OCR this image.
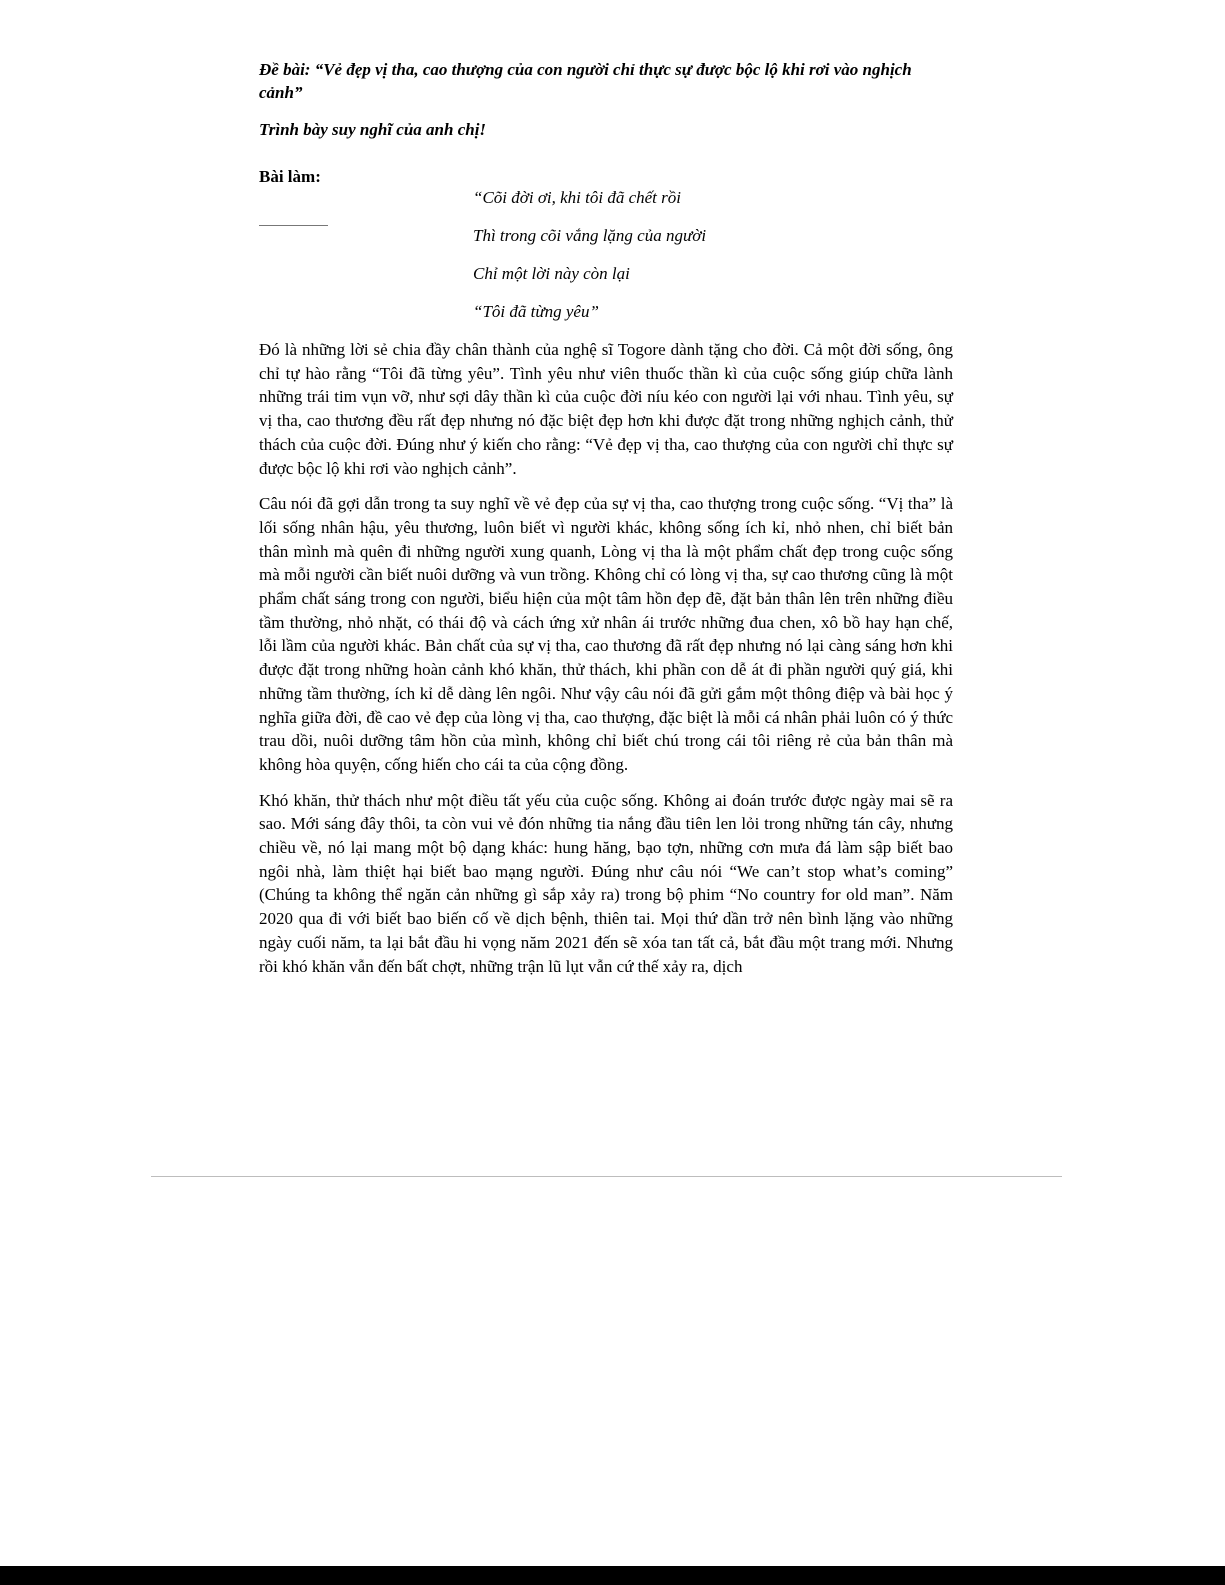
Đề bài: “Vẻ đẹp vị tha, cao thượng của con người chỉ thực sự được bộc lộ khi rơi vào nghịch cảnh”

Trình bày suy nghĩ của anh chị!

Bài làm:

“Cõi đời ơi, khi tôi đã chết rồi
Thì trong cõi vắng lặng của người
Chỉ một lời này còn lại
“Tôi đã từng yêu”

Đó là những lời sẻ chia đầy chân thành của nghệ sĩ Togore dành tặng cho đời. Cả một đời sống, ông chỉ tự hào rằng “Tôi đã từng yêu”. Tình yêu như viên thuốc thần kì của cuộc sống giúp chữa lành những trái tim vụn vỡ, như sợi dây thần kì của cuộc đời níu kéo con người lại với nhau. Tình yêu, sự vị tha, cao thương đều rất đẹp nhưng nó đặc biệt đẹp hơn khi được đặt trong những nghịch cảnh, thử thách của cuộc đời. Đúng như ý kiến cho rằng: “Vẻ đẹp vị tha, cao thượng của con người chỉ thực sự được bộc lộ khi rơi vào nghịch cảnh”.

Câu nói đã gợi dẫn trong ta suy nghĩ về vẻ đẹp của sự vị tha, cao thượng trong cuộc sống. “Vị tha” là lối sống nhân hậu, yêu thương, luôn biết vì người khác, không sống ích kỉ, nhỏ nhen, chỉ biết bản thân mình mà quên đi những người xung quanh, Lòng vị tha là một phẩm chất đẹp trong cuộc sống mà mỗi người cần biết nuôi dưỡng và vun trồng. Không chỉ có lòng vị tha, sự cao thương cũng là một phẩm chất sáng trong con người, biểu hiện của một tâm hồn đẹp đẽ, đặt bản thân lên trên những điều tầm thường, nhỏ nhặt, có thái độ và cách ứng xử nhân ái trước những đua chen, xô bồ hay hạn chế, lỗi lầm của người khác. Bản chất của sự vị tha, cao thương đã rất đẹp nhưng nó lại càng sáng hơn khi được đặt trong những hoàn cảnh khó khăn, thử thách, khi phần con dễ át đi phần người quý giá, khi những tầm thường, ích kỉ dễ dàng lên ngôi. Như vậy câu nói đã gửi gắm một thông điệp và bài học ý nghĩa giữa đời, đề cao vẻ đẹp của lòng vị tha, cao thượng, đặc biệt là mỗi cá nhân phải luôn có ý thức trau dồi, nuôi dưỡng tâm hồn của mình, không chỉ biết chú trong cái tôi riêng rẻ của bản thân mà không hòa quyện, cống hiến cho cái ta của cộng đồng.

Khó khăn, thử thách như một điều tất yếu của cuộc sống. Không ai đoán trước được ngày mai sẽ ra sao. Mới sáng đây thôi, ta còn vui vẻ đón những tia nắng đầu tiên len lỏi trong những tán cây, nhưng chiều về, nó lại mang một bộ dạng khác: hung hăng, bạo tợn, những cơn mưa đá làm sập biết bao ngôi nhà, làm thiệt hại biết bao mạng người. Đúng như câu nói “We can’t stop what’s coming” (Chúng ta không thể ngăn cản những gì sắp xảy ra) trong bộ phim “No country for old man”. Năm 2020 qua đi với biết bao biến cố về dịch bệnh, thiên tai. Mọi thứ dần trở nên bình lặng vào những ngày cuối năm, ta lại bắt đầu hi vọng năm 2021 đến sẽ xóa tan tất cả, bắt đầu một trang mới. Nhưng rồi khó khăn vẫn đến bất chợt, những trận lũ lụt vẫn cứ thế xảy ra, dịch
